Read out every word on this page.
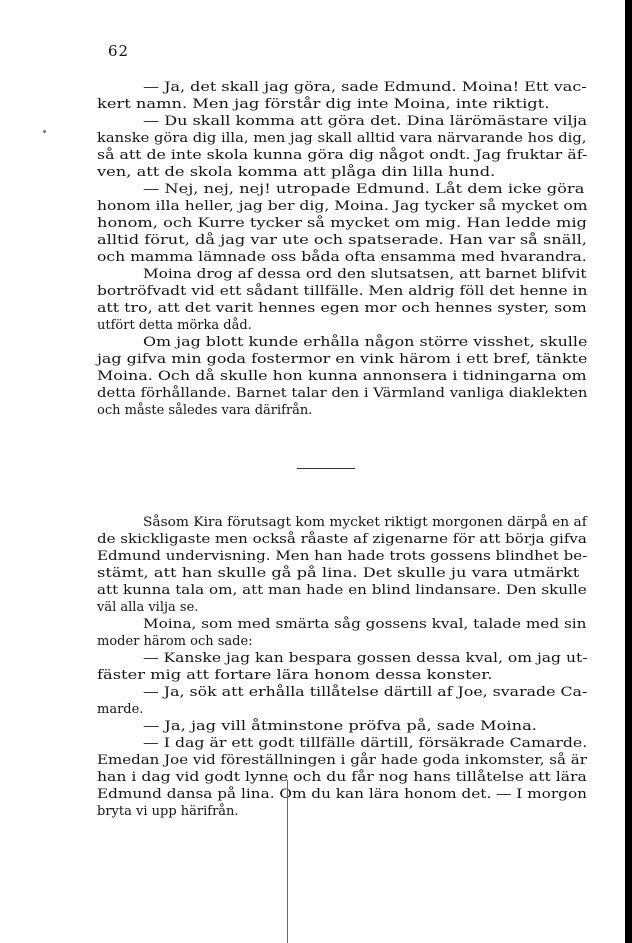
62
— Ja, det skall jag göra, sade Edmund. Moina! Ett vac-
kert namn. Men jag förstår dig inte Moina, inte riktigt.
— Du skall komma att göra det. Dina lärömästare vilja
kanske göra dig illa, men jag skall alltid vara närvarande hos dig,
så att de inte skola kunna göra dig något ondt. Jag fruktar äf-
ven, att de skola komma att plåga din lilla hund.
— Nej, nej, nej! utropade Edmund. Låt dem icke göra
honom illa heller, jag ber dig, Moina. Jag tycker så mycket om
honom, och Kurre tycker så mycket om mig. Han ledde mig
alltid förut, då jag var ute och spatserade. Han var så snäll,
och mamma lämnade oss båda ofta ensamma med hvarandra.
Moina drog af dessa ord den slutsatsen, att barnet blifvit
bortröfvadt vid ett sådant tillfälle. Men aldrig föll det henne in
att tro, att det varit hennes egen mor och hennes syster, som
utfört detta mörka dåd.
Om jag blott kunde erhålla någon större visshet, skulle
jag gifva min goda fostermor en vink härom i ett bref, tänkte
Moina. Och då skulle hon kunna annonsera i tidningarna om
detta förhållande. Barnet talar den i Värmland vanliga diaklekten
och måste således vara därifrån.
Såsom Kira förutsagt kom mycket riktigt morgonen därpå en af
de skickligaste men också råaste af zigenarne för att börja gifva
Edmund undervisning. Men han hade trots gossens blindhet be-
stämt, att han skulle gå på lina. Det skulle ju vara utmärkt
att kunna tala om, att man hade en blind lindansare. Den skulle
väl alla vilja se.
Moina, som med smärta såg gossens kval, talade med sin
moder härom och sade:
— Kanske jag kan bespara gossen dessa kval, om jag ut-
fäster mig att fortare lära honom dessa konster.
— Ja, sök att erhålla tillåtelse därtill af Joe, svarade Ca-
marde.
— Ja, jag vill åtminstone pröfva på, sade Moina.
— I dag är ett godt tillfälle därtill, försäkrade Camarde.
Emedan Joe vid föreställningen i går hade goda inkomster, så är
han i dag vid godt lynne och du får nog hans tillåtelse att lära
Edmund dansa på lina. Om du kan lära honom det. — I morgon
bryta vi upp härifrån.
